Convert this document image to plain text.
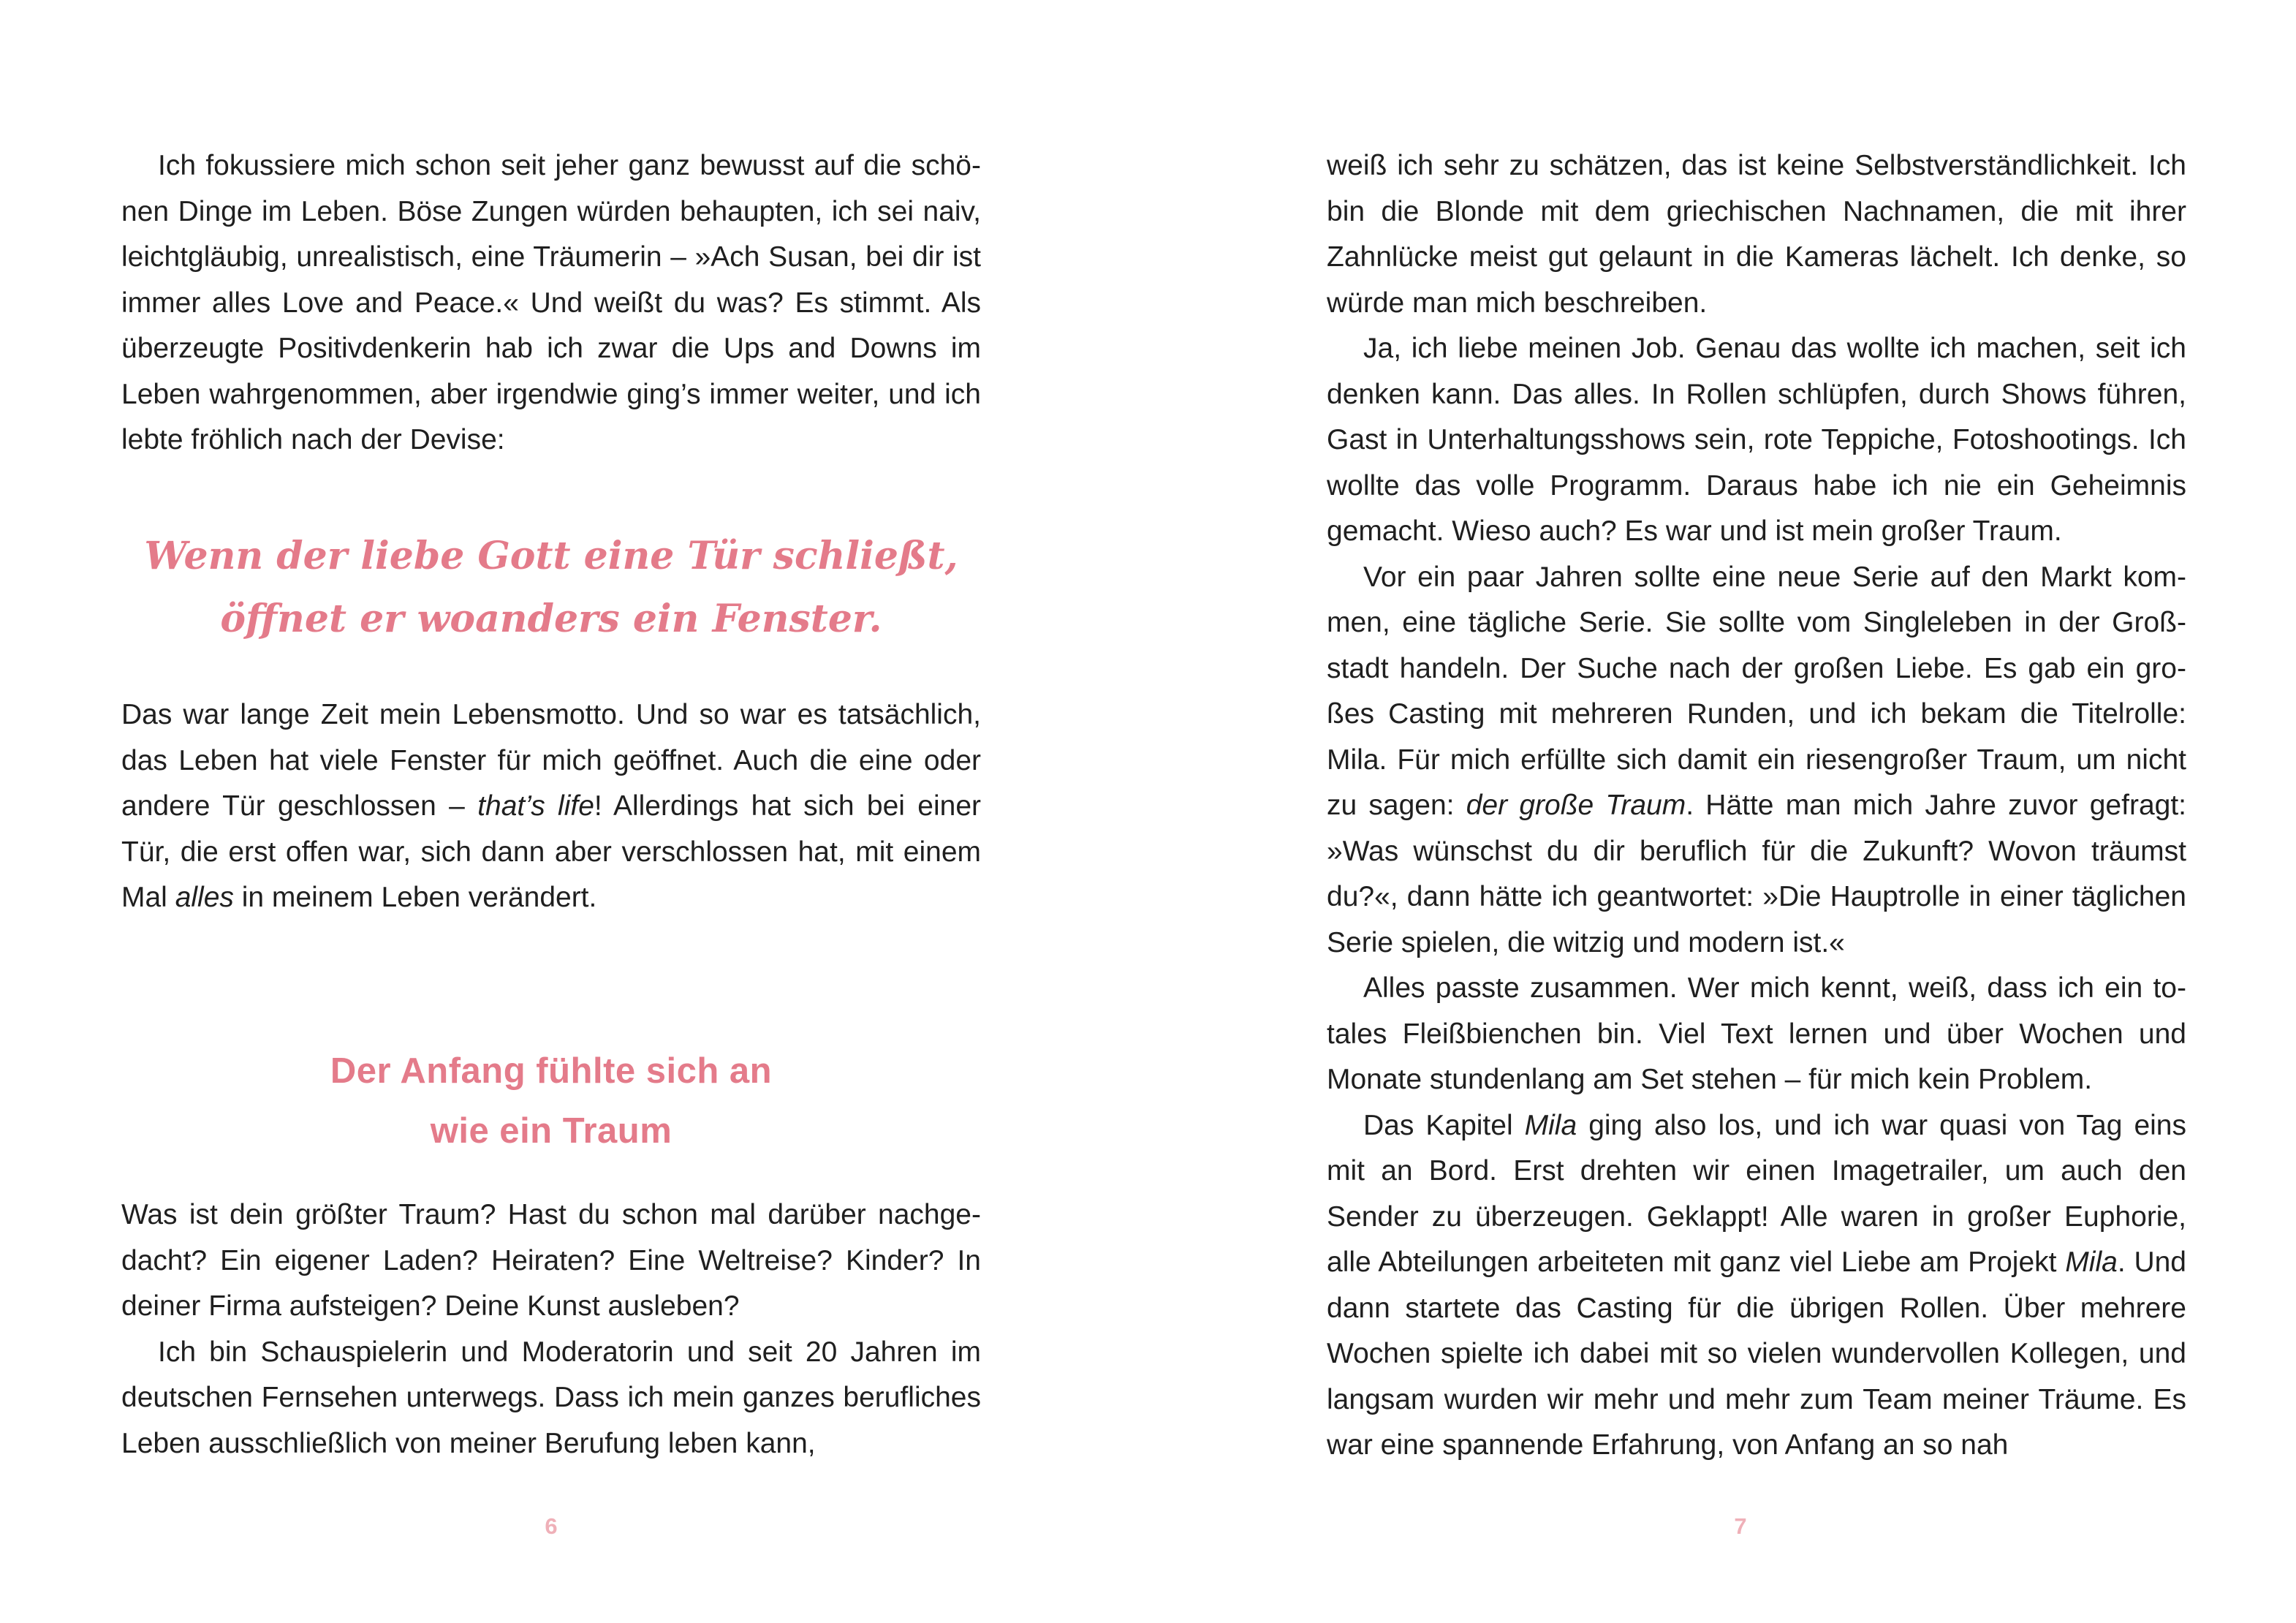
Ich fokussiere mich schon seit jeher ganz bewusst auf die schönen Dinge im Leben. Böse Zungen würden behaupten, ich sei naiv, leichtgläubig, unrealistisch, eine Träumerin – »Ach Susan, bei dir ist immer alles Love and Peace.« Und weißt du was? Es stimmt. Als überzeugte Positivdenkerin hab ich zwar die Ups and Downs im Leben wahrgenommen, aber irgendwie ging’s immer weiter, und ich lebte fröhlich nach der Devise:

Wenn der liebe Gott eine Tür schließt,
öffnet er woanders ein Fenster.

Das war lange Zeit mein Lebensmotto. Und so war es tatsächlich, das Leben hat viele Fenster für mich geöffnet. Auch die eine oder andere Tür geschlossen – that’s life! Allerdings hat sich bei einer Tür, die erst offen war, sich dann aber verschlossen hat, mit einem Mal alles in meinem Leben verändert.

Der Anfang fühlte sich an
wie ein Traum

Was ist dein größter Traum? Hast du schon mal darüber nachgedacht? Ein eigener Laden? Heiraten? Eine Weltreise? Kinder? In deiner Firma aufsteigen? Deine Kunst ausleben?

Ich bin Schauspielerin und Moderatorin und seit 20 Jahren im deutschen Fernsehen unterwegs. Dass ich mein ganzes berufliches Leben ausschließlich von meiner Berufung leben kann,

6

weiß ich sehr zu schätzen, das ist keine Selbstverständlichkeit. Ich bin die Blonde mit dem griechischen Nachnamen, die mit ihrer Zahnlücke meist gut gelaunt in die Kameras lächelt. Ich denke, so würde man mich beschreiben.

Ja, ich liebe meinen Job. Genau das wollte ich machen, seit ich denken kann. Das alles. In Rollen schlüpfen, durch Shows führen, Gast in Unterhaltungsshows sein, rote Teppiche, Fotoshootings. Ich wollte das volle Programm. Daraus habe ich nie ein Geheimnis gemacht. Wieso auch? Es war und ist mein großer Traum.

Vor ein paar Jahren sollte eine neue Serie auf den Markt kommen, eine tägliche Serie. Sie sollte vom Singleleben in der Großstadt handeln. Der Suche nach der großen Liebe. Es gab ein großes Casting mit mehreren Runden, und ich bekam die Titelrolle: Mila. Für mich erfüllte sich damit ein riesengroßer Traum, um nicht zu sagen: der große Traum. Hätte man mich Jahre zuvor gefragt: »Was wünschst du dir beruflich für die Zukunft? Wovon träumst du?«, dann hätte ich geantwortet: »Die Hauptrolle in einer täglichen Serie spielen, die witzig und modern ist.«

Alles passte zusammen. Wer mich kennt, weiß, dass ich ein totales Fleißbienchen bin. Viel Text lernen und über Wochen und Monate stundenlang am Set stehen – für mich kein Problem.

Das Kapitel Mila ging also los, und ich war quasi von Tag eins mit an Bord. Erst drehten wir einen Imagetrailer, um auch den Sender zu überzeugen. Geklappt! Alle waren in großer Euphorie, alle Abteilungen arbeiteten mit ganz viel Liebe am Projekt Mila. Und dann startete das Casting für die übrigen Rollen. Über mehrere Wochen spielte ich dabei mit so vielen wundervollen Kollegen, und langsam wurden wir mehr und mehr zum Team meiner Träume. Es war eine spannende Erfahrung, von Anfang an so nah

7
